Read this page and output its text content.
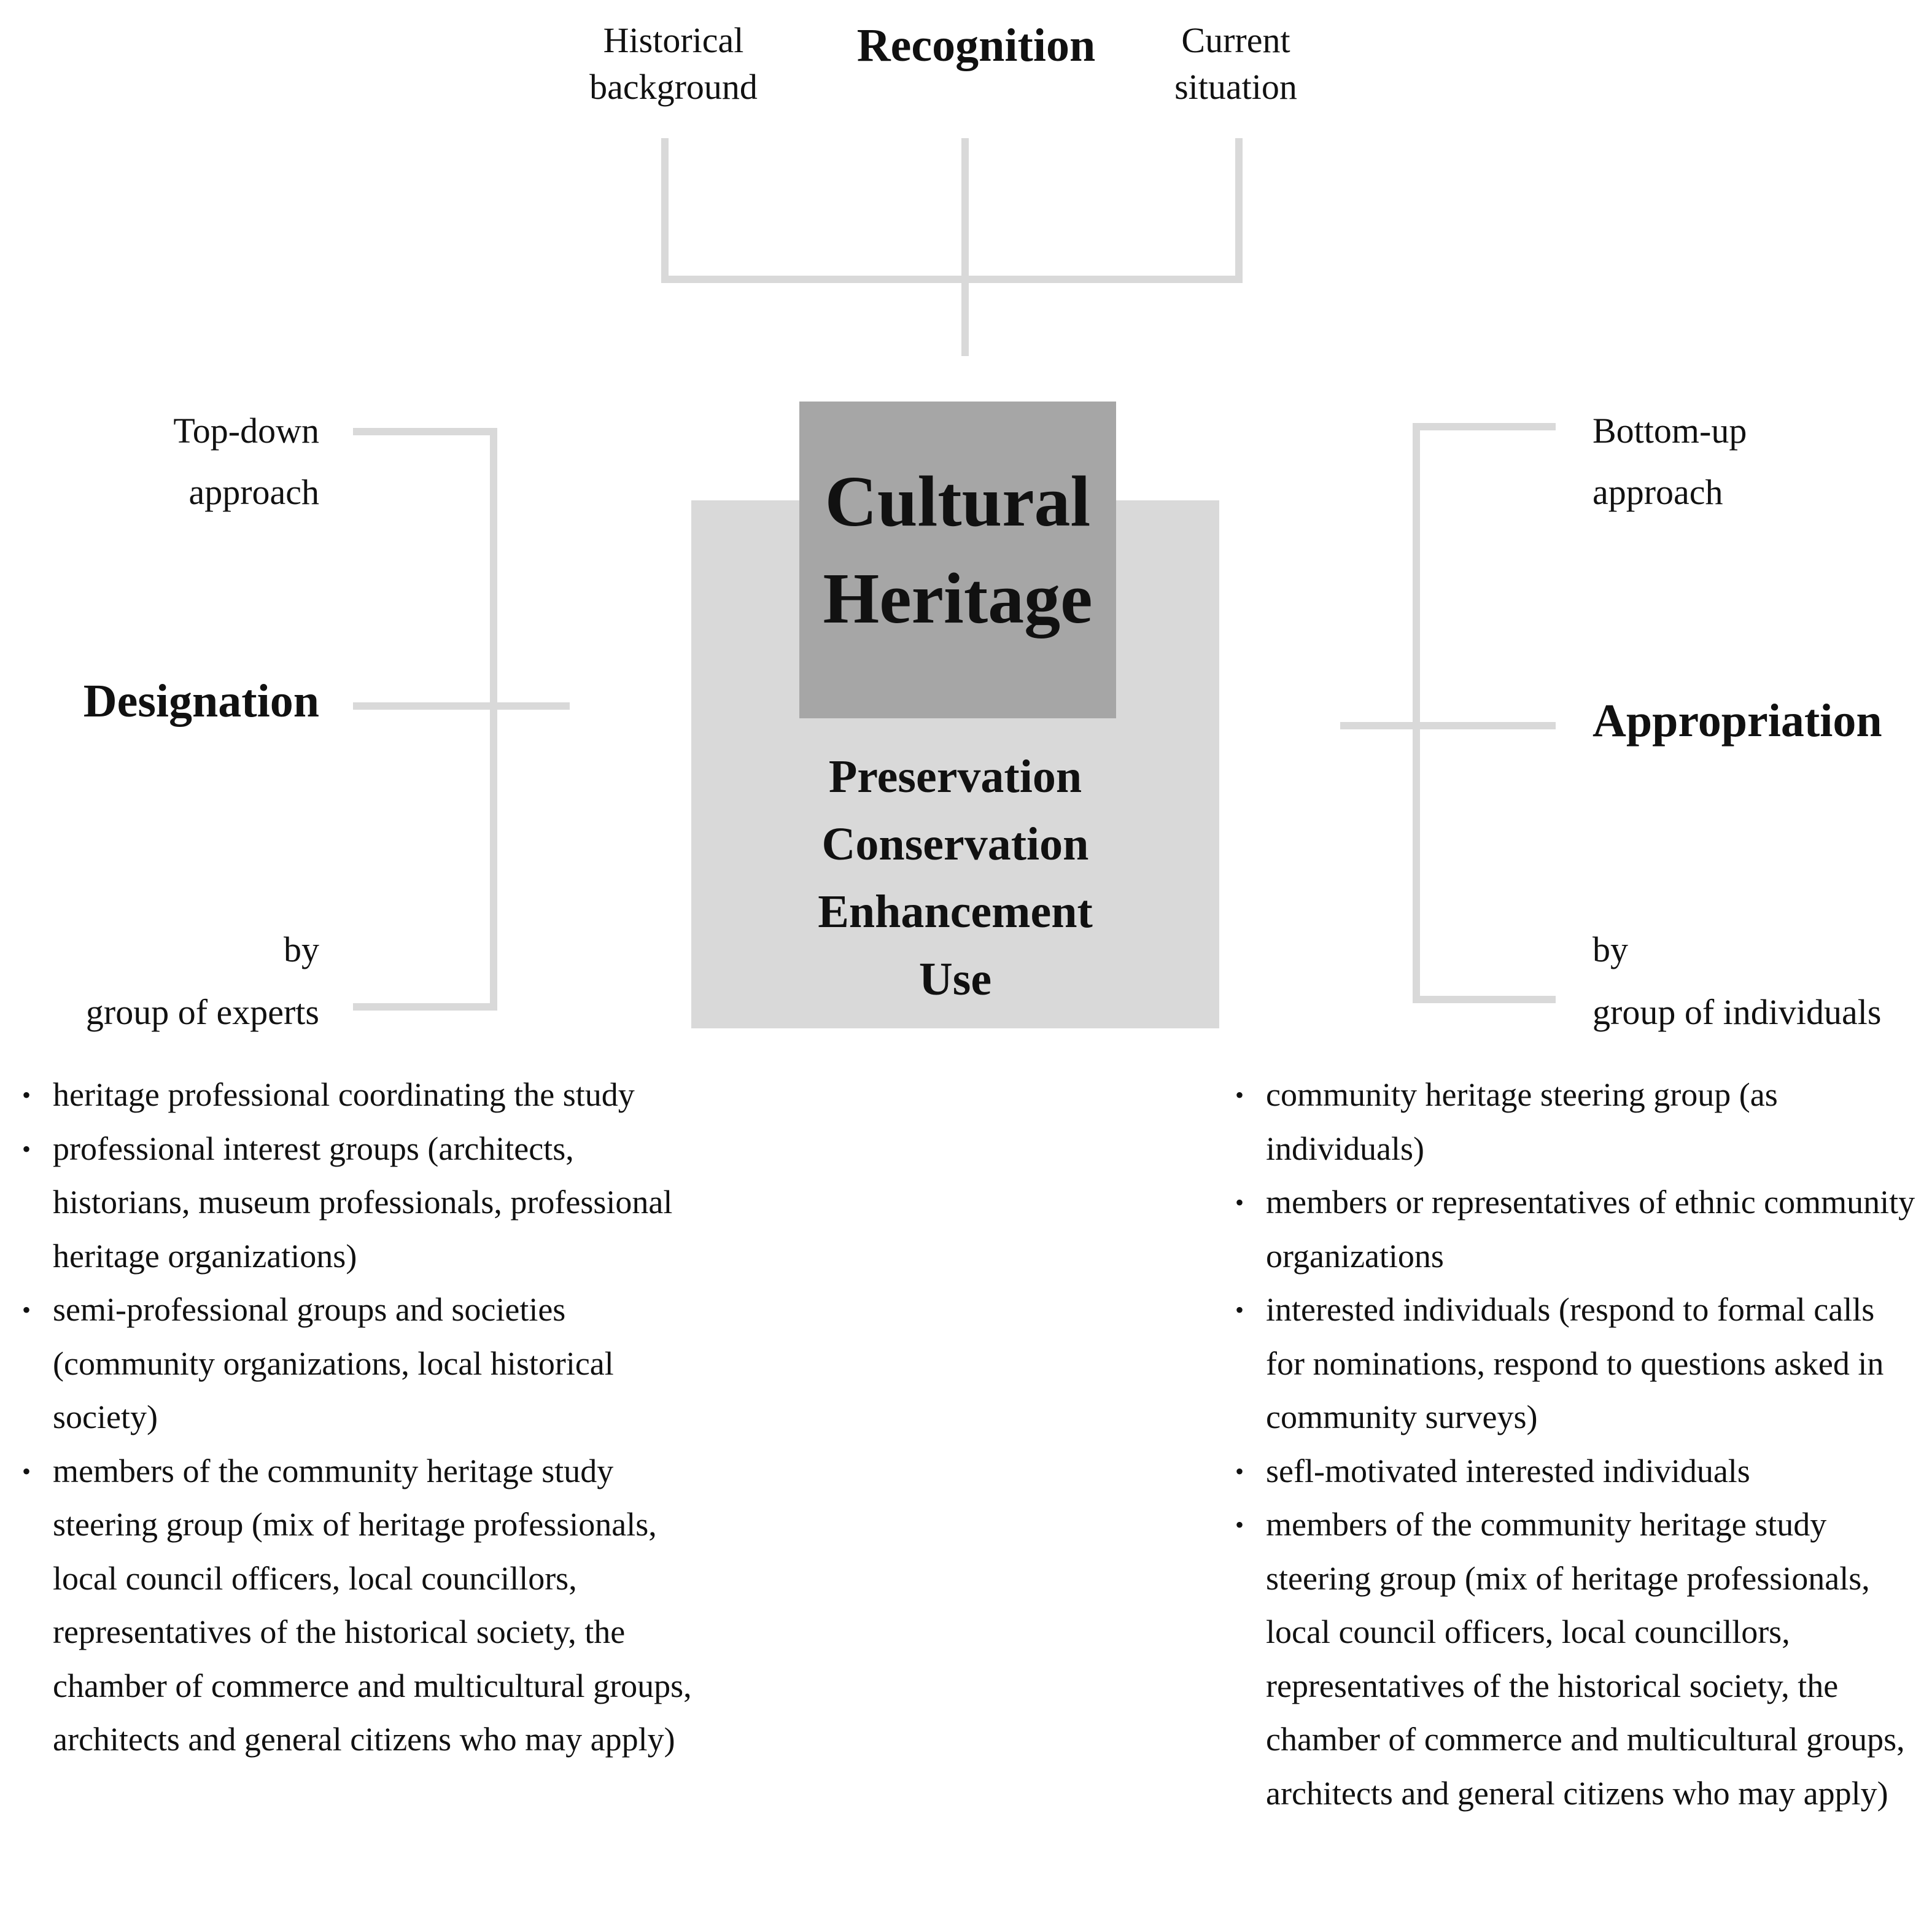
Historical
background
Recognition	Current
situation
Cultural
Heritage
Preservation
Conservation
Enhancement
Use
Top-down
approach
Designation
by
group of experts
• heritage professional coordinating the study
• professional interest groups (architects, historians, museum professionals, professional heritage organizations)
• semi-professional groups and societies (community organizations, local historical society)
• members of the community heritage study steering group (mix of heritage professionals, local council officers, local councillors, representatives of the historical society, the chamber of commerce and multicultural groups, architects and general citizens who may apply)
Bottom-up
approach
Appropriation
by
group of individuals
• community heritage steering group (as individuals)
• members or representatives of ethnic community organizations
• interested individuals (respond to formal calls for nominations, respond to questions asked in community surveys)
• sefl-motivated interested individuals
• members of the community heritage study steering group (mix of heritage professionals, local council officers, local councillors, representatives of the historical society, the chamber of commerce and multicultural groups, architects and general citizens who may apply)
